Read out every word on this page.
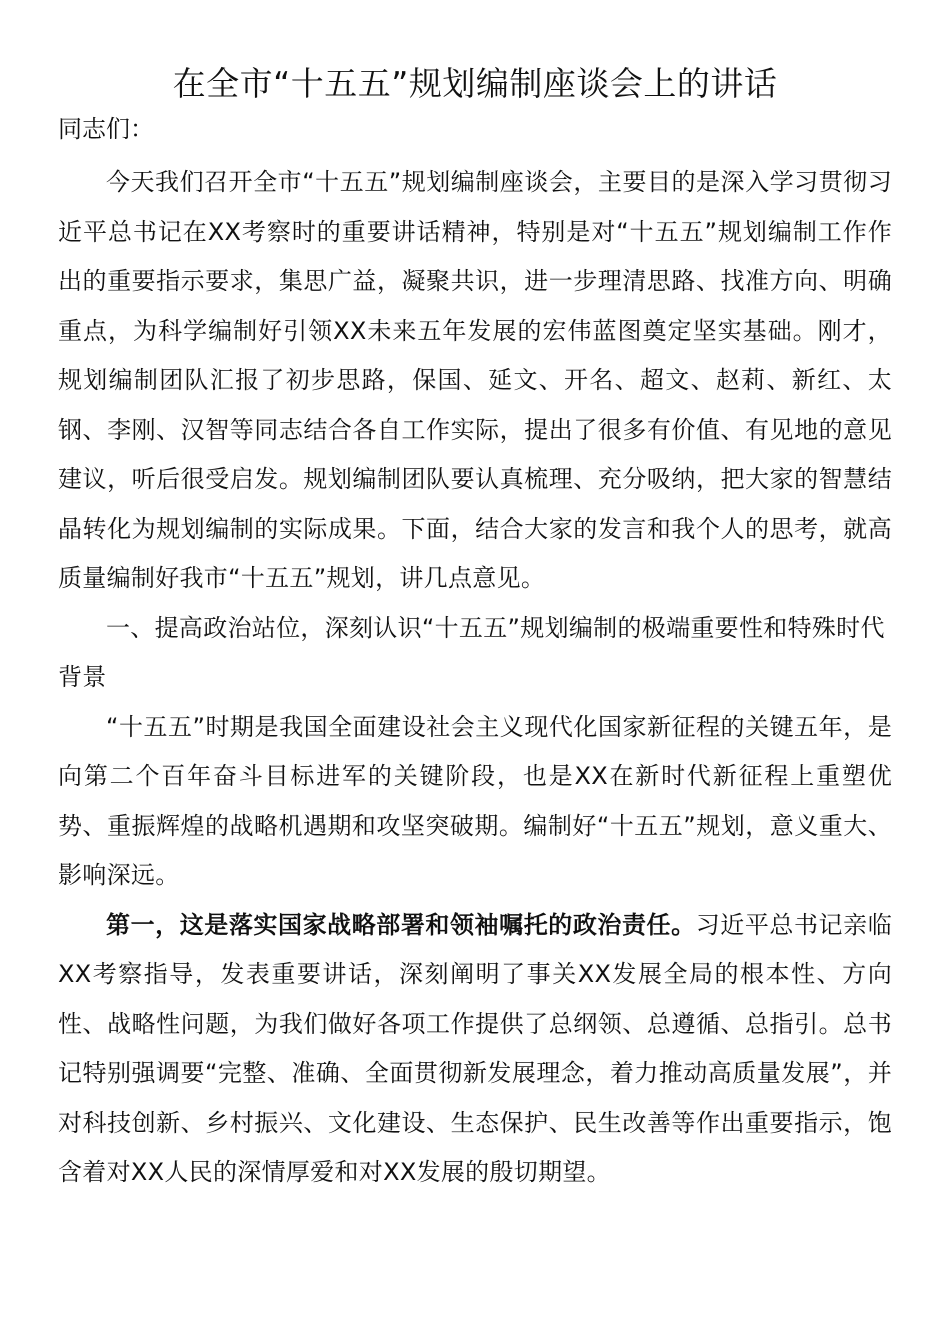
在全市“十五五”规划编制座谈会上的讲话

同志们：

今天我们召开全市“十五五”规划编制座谈会，主要目的是深入学习贯彻习近平总书记在XX考察时的重要讲话精神，特别是对“十五五”规划编制工作作出的重要指示要求，集思广益，凝聚共识，进一步理清思路、找准方向、明确重点，为科学编制好引领XX未来五年发展的宏伟蓝图奠定坚实基础。刚才，规划编制团队汇报了初步思路，保国、延文、开名、超文、赵莉、新红、太钢、李刚、汉智等同志结合各自工作实际，提出了很多有价值、有见地的意见建议，听后很受启发。规划编制团队要认真梳理、充分吸纳，把大家的智慧结晶转化为规划编制的实际成果。下面，结合大家的发言和我个人的思考，就高质量编制好我市“十五五”规划，讲几点意见。

一、提高政治站位，深刻认识“十五五”规划编制的极端重要性和特殊时代背景

“十五五”时期是我国全面建设社会主义现代化国家新征程的关键五年，是向第二个百年奋斗目标进军的关键阶段，也是XX在新时代新征程上重塑优势、重振辉煌的战略机遇期和攻坚突破期。编制好“十五五”规划，意义重大、影响深远。

第一，这是落实国家战略部署和领袖嘱托的政治责任。习近平总书记亲临XX考察指导，发表重要讲话，深刻阐明了事关XX发展全局的根本性、方向性、战略性问题，为我们做好各项工作提供了总纲领、总遵循、总指引。总书记特别强调要“完整、准确、全面贯彻新发展理念，着力推动高质量发展”，并对科技创新、乡村振兴、文化建设、生态保护、民生改善等作出重要指示，饱含着对XX人民的深情厚爱和对XX发展的殷切期望。
